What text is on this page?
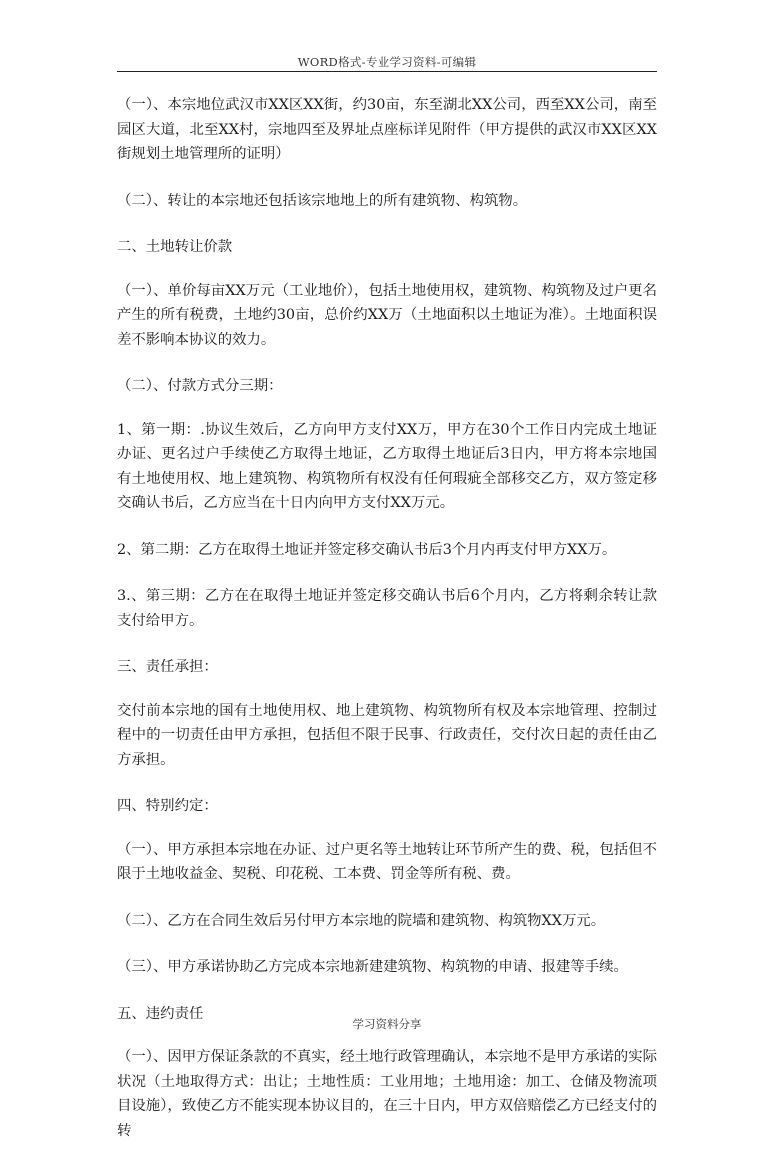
WORD格式-专业学习资料-可编辑

（一）、本宗地位武汉市XX区XX街，约30亩，东至湖北XX公司，西至XX公司，南至园区大道，北至XX村，宗地四至及界址点座标详见附件（甲方提供的武汉市XX区XX街规划土地管理所的证明）

（二）、转让的本宗地还包括该宗地地上的所有建筑物、构筑物。

二、土地转让价款

（一）、单价每亩XX万元（工业地价），包括土地使用权，建筑物、构筑物及过户更名产生的所有税费，土地约30亩，总价约XX万（土地面积以土地证为准）。土地面积误差不影响本协议的效力。

（二）、付款方式分三期：

1、第一期：.协议生效后，乙方向甲方支付XX万，甲方在30个工作日内完成土地证办证、更名过户手续使乙方取得土地证，乙方取得土地证后3日内，甲方将本宗地国有土地使用权、地上建筑物、构筑物所有权没有任何瑕疵全部移交乙方，双方签定移交确认书后，乙方应当在十日内向甲方支付XX万元。

2、第二期：乙方在取得土地证并签定移交确认书后3个月内再支付甲方XX万。

3.、第三期：乙方在在取得土地证并签定移交确认书后6个月内，乙方将剩余转让款支付给甲方。

三、责任承担：

交付前本宗地的国有土地使用权、地上建筑物、构筑物所有权及本宗地管理、控制过程中的一切责任由甲方承担，包括但不限于民事、行政责任，交付次日起的责任由乙方承担。

四、特别约定：

（一）、甲方承担本宗地在办证、过户更名等土地转让环节所产生的费、税，包括但不限于土地收益金、契税、印花税、工本费、罚金等所有税、费。

（二）、乙方在合同生效后另付甲方本宗地的院墙和建筑物、构筑物XX万元。

（三）、甲方承诺协助乙方完成本宗地新建建筑物、构筑物的申请、报建等手续。

五、违约责任

（一）、因甲方保证条款的不真实，经土地行政管理确认，本宗地不是甲方承诺的实际状况（土地取得方式：出让；土地性质：工业用地；土地用途：加工、仓储及物流项目设施），致使乙方不能实现本协议目的，在三十日内，甲方双倍赔偿乙方已经支付的转

学习资料分享
